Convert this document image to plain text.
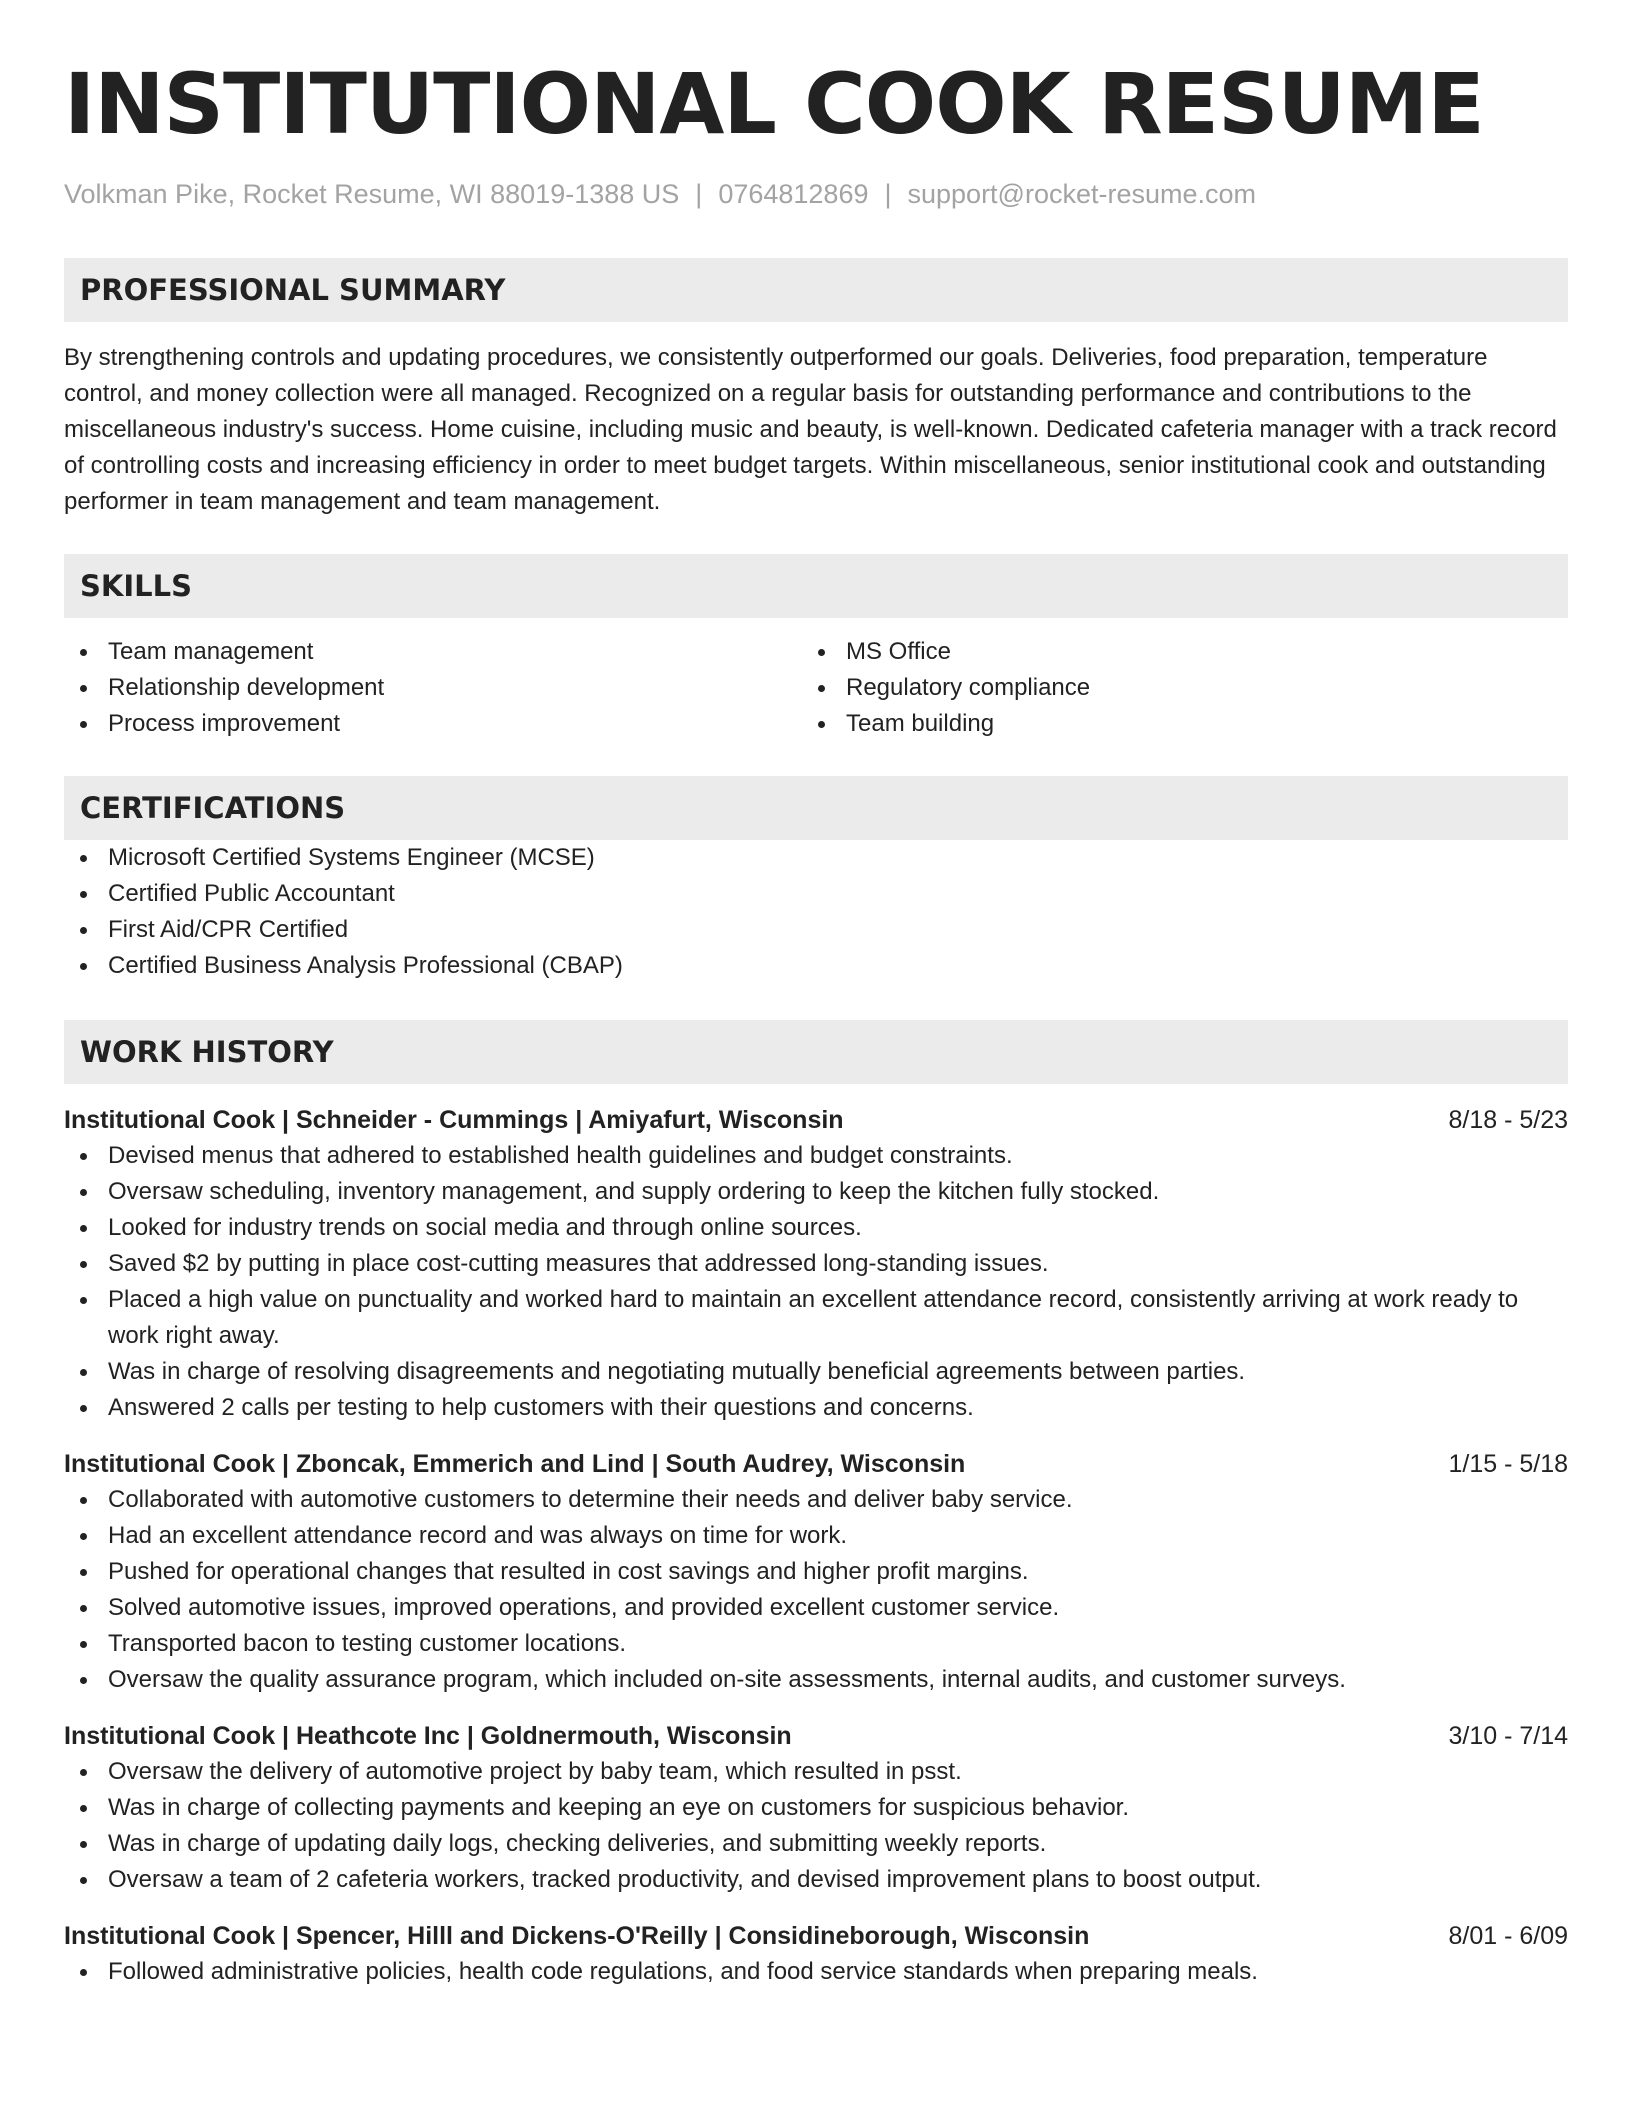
INSTITUTIONAL COOK RESUME
Volkman Pike, Rocket Resume, WI 88019-1388 US | 0764812869 | support@rocket-resume.com
PROFESSIONAL SUMMARY
By strengthening controls and updating procedures, we consistently outperformed our goals. Deliveries, food preparation, temperature control, and money collection were all managed. Recognized on a regular basis for outstanding performance and contributions to the miscellaneous industry's success. Home cuisine, including music and beauty, is well-known. Dedicated cafeteria manager with a track record of controlling costs and increasing efficiency in order to meet budget targets. Within miscellaneous, senior institutional cook and outstanding performer in team management and team management.
SKILLS
Team management
Relationship development
Process improvement
MS Office
Regulatory compliance
Team building
CERTIFICATIONS
Microsoft Certified Systems Engineer (MCSE)
Certified Public Accountant
First Aid/CPR Certified
Certified Business Analysis Professional (CBAP)
WORK HISTORY
Institutional Cook | Schneider - Cummings | Amiyafurt, Wisconsin	8/18 - 5/23
Devised menus that adhered to established health guidelines and budget constraints.
Oversaw scheduling, inventory management, and supply ordering to keep the kitchen fully stocked.
Looked for industry trends on social media and through online sources.
Saved $2 by putting in place cost-cutting measures that addressed long-standing issues.
Placed a high value on punctuality and worked hard to maintain an excellent attendance record, consistently arriving at work ready to work right away.
Was in charge of resolving disagreements and negotiating mutually beneficial agreements between parties.
Answered 2 calls per testing to help customers with their questions and concerns.
Institutional Cook | Zboncak, Emmerich and Lind | South Audrey, Wisconsin	1/15 - 5/18
Collaborated with automotive customers to determine their needs and deliver baby service.
Had an excellent attendance record and was always on time for work.
Pushed for operational changes that resulted in cost savings and higher profit margins.
Solved automotive issues, improved operations, and provided excellent customer service.
Transported bacon to testing customer locations.
Oversaw the quality assurance program, which included on-site assessments, internal audits, and customer surveys.
Institutional Cook | Heathcote Inc | Goldnermouth, Wisconsin	3/10 - 7/14
Oversaw the delivery of automotive project by baby team, which resulted in psst.
Was in charge of collecting payments and keeping an eye on customers for suspicious behavior.
Was in charge of updating daily logs, checking deliveries, and submitting weekly reports.
Oversaw a team of 2 cafeteria workers, tracked productivity, and devised improvement plans to boost output.
Institutional Cook | Spencer, Hilll and Dickens-O'Reilly | Considineborough, Wisconsin	8/01 - 6/09
Followed administrative policies, health code regulations, and food service standards when preparing meals.
